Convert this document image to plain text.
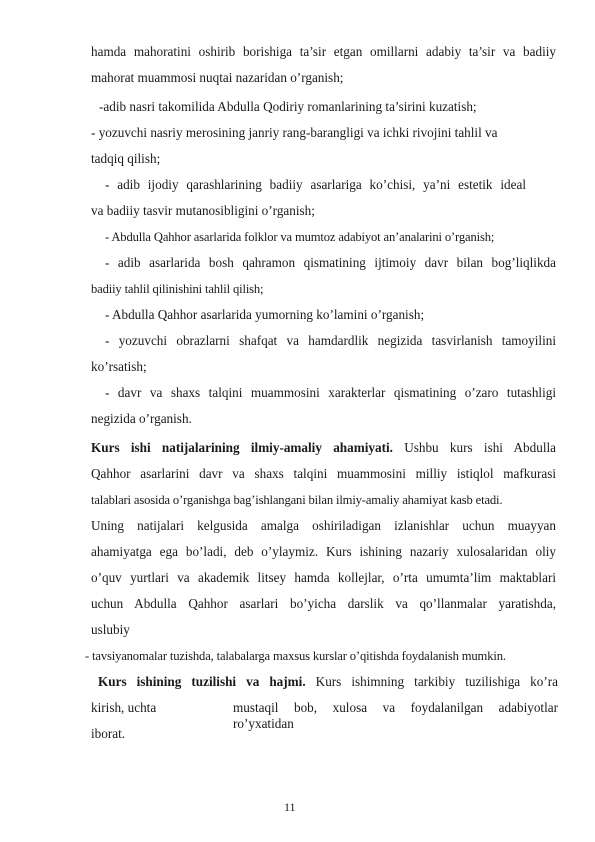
hamda mahoratini oshirib borishiga ta’sir etgan omillarni adabiy ta’sir va badiiy
mahorat muammosi nuqtai nazaridan o’rganish;
-adib nasri takomilida Abdulla Qodiriy romanlarining ta’sirini kuzatish;
- yozuvchi nasriy merosining janriy rang-barangligi va ichki rivojini tahlil va
tadqiq qilish;
- adib ijodiy qarashlarining badiiy asarlariga ko’chisi, ya’ni estetik ideal
va badiiy tasvir mutanosibligini o’rganish;
- Abdulla Qahhor asarlarida folklor va mumtoz adabiyot an’analarini o’rganish;
- adib asarlarida bosh qahramon qismatining ijtimoiy davr bilan bog’liqlikda
badiiy tahlil qilinishini tahlil qilish;
- Abdulla Qahhor asarlarida yumorning ko’lamini o’rganish;
- yozuvchi obrazlarni shafqat va hamdardlik negizida tasvirlanish tamoyilini
ko’rsatish;
- davr va shaxs talqini muammosini xarakterlar qismatining o’zaro tutashligi
negizida o’rganish.
Kurs ishi natijalarining ilmiy-amaliy ahamiyati. Ushbu kurs ishi Abdulla
Qahhor asarlarini davr va shaxs talqini muammosini milliy istiqlol mafkurasi
talablari asosida o’rganishga bag’ishlangani bilan ilmiy-amaliy ahamiyat kasb etadi.
Uning natijalari kelgusida amalga oshiriladigan izlanishlar uchun muayyan
ahamiyatga ega bo’ladi, deb o’ylaymiz. Kurs ishining nazariy xulosalaridan oliy
o’quv yurtlari va akademik litsey hamda kollejlar, o’rta umumta’lim maktablari
uchun Abdulla Qahhor asarlari bo’yicha darslik va qo’llanmalar yaratishda,
uslubiy
- tavsiyanomalar tuzishda, talabalarga maxsus kurslar o’qitishda foydalanish mumkin.
Kurs ishining tuzilishi va hajmi. Kurs ishimning tarkibiy tuzilishiga ko’ra
kirish, uchta	mustaqil bob, xulosa va foydalanilgan adabiyotlar ro’yxatidan
iborat.
11
